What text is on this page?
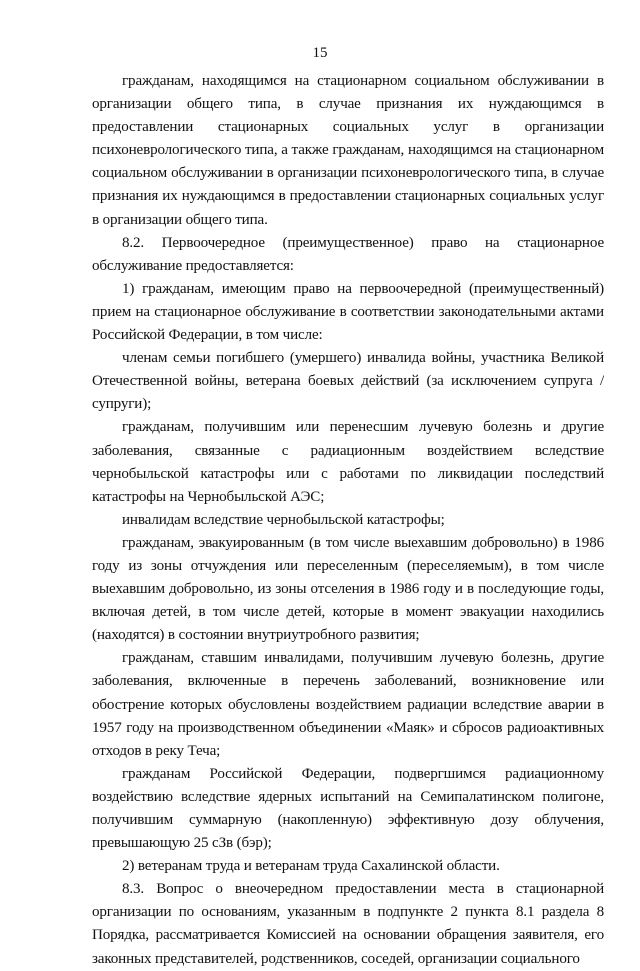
15

гражданам, находящимся на стационарном социальном обслуживании в организации общего типа, в случае признания их нуждающимся в предоставлении стационарных социальных услуг в организации психоневрологического типа, а также гражданам, находящимся на стационарном социальном обслуживании в организации психоневрологического типа, в случае признания их нуждающимся в предоставлении стационарных социальных услуг в организации общего типа.

8.2. Первоочередное (преимущественное) право на стационарное обслуживание предоставляется:

1) гражданам, имеющим право на первоочередной (преимущественный) прием на стационарное обслуживание в соответствии законодательными актами Российской Федерации, в том числе:

членам семьи погибшего (умершего) инвалида войны, участника Великой Отечественной войны, ветерана боевых действий (за исключением супруга /супруги);

гражданам, получившим или перенесшим лучевую болезнь и другие заболевания, связанные с радиационным воздействием вследствие чернобыльской катастрофы или с работами по ликвидации последствий катастрофы на Чернобыльской АЭС;

инвалидам вследствие чернобыльской катастрофы;

гражданам, эвакуированным (в том числе выехавшим добровольно) в 1986 году из зоны отчуждения или переселенным (переселяемым), в том числе выехавшим добровольно, из зоны отселения в 1986 году и в последующие годы, включая детей, в том числе детей, которые в момент эвакуации находились (находятся) в состоянии внутриутробного развития;

гражданам, ставшим инвалидами, получившим лучевую болезнь, другие заболевания, включенные в перечень заболеваний, возникновение или обострение которых обусловлены воздействием радиации вследствие аварии в 1957 году на производственном объединении «Маяк» и сбросов радиоактивных отходов в реку Теча;

гражданам Российской Федерации, подвергшимся радиационному воздействию вследствие ядерных испытаний на Семипалатинском полигоне, получившим суммарную (накопленную) эффективную дозу облучения, превышающую 25 сЗв (бэр);

2) ветеранам труда и ветеранам труда Сахалинской области.

8.3. Вопрос о внеочередном предоставлении места в стационарной организации по основаниям, указанным в подпункте 2 пункта 8.1 раздела 8 Порядка, рассматривается Комиссией на основании обращения заявителя, его законных представителей, родственников, соседей, организации социального
